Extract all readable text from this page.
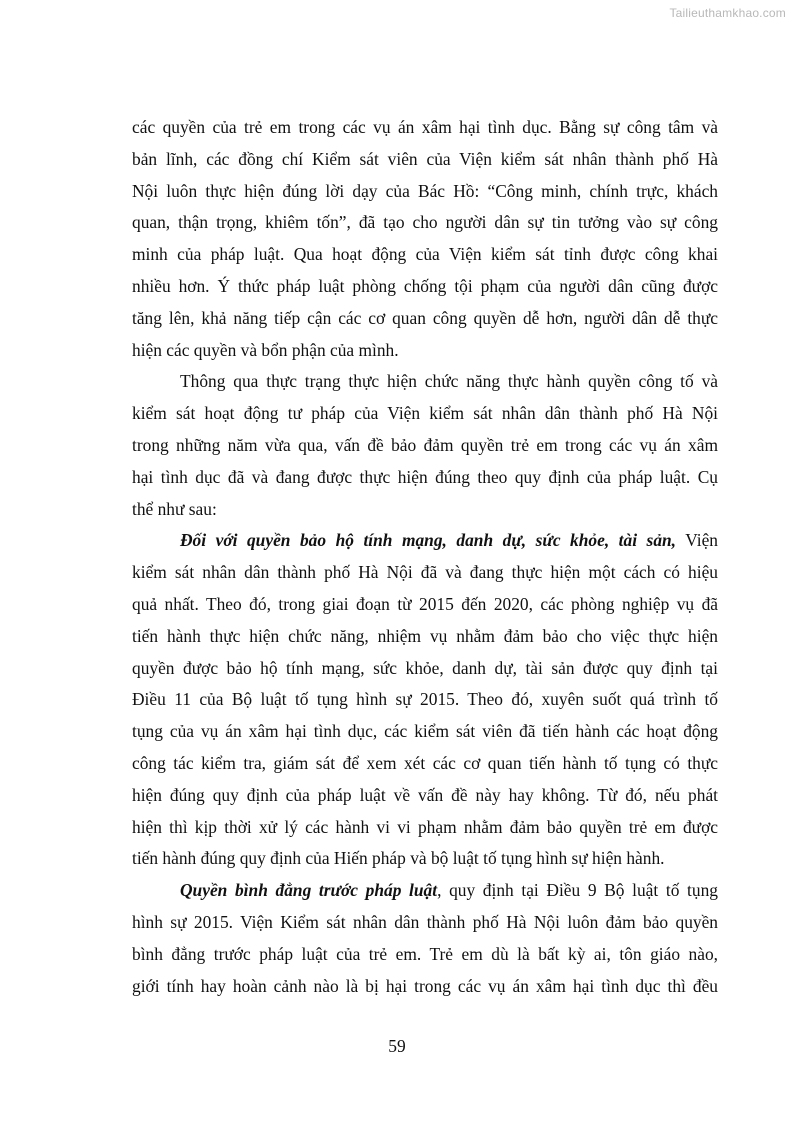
Tailieuthamkhao.com
các quyền của trẻ em trong các vụ án xâm hại tình dục. Bằng sự công tâm và
bản lĩnh, các đồng chí Kiểm sát viên của Viện kiểm sát nhân thành phố Hà
Nội luôn thực hiện đúng lời dạy của Bác Hồ: “Công minh, chính trực, khách
quan, thận trọng, khiêm tốn”, đã tạo cho người dân sự tin tưởng vào sự công
minh của pháp luật. Qua hoạt động của Viện kiểm sát tỉnh được công khai
nhiều hơn. Ý thức pháp luật phòng chống tội phạm của người dân cũng được
tăng lên, khả năng tiếp cận các cơ quan công quyền dễ hơn, người dân dễ thực
hiện các quyền và bổn phận của mình.
Thông qua thực trạng thực hiện chức năng thực hành quyền công tố và
kiểm sát hoạt động tư pháp của Viện kiểm sát nhân dân thành phố Hà Nội
trong những năm vừa qua, vấn đề bảo đảm quyền trẻ em trong các vụ án xâm
hại tình dục đã và đang được thực hiện đúng theo quy định của pháp luật. Cụ
thể như sau:
Đối với quyền bảo hộ tính mạng, danh dự, sức khỏe, tài sản, Viện
kiểm sát nhân dân thành phố Hà Nội đã và đang thực hiện một cách có hiệu
quả nhất. Theo đó, trong giai đoạn từ 2015 đến 2020, các phòng nghiệp vụ đã
tiến hành thực hiện chức năng, nhiệm vụ nhằm đảm bảo cho việc thực hiện
quyền được bảo hộ tính mạng, sức khỏe, danh dự, tài sản được quy định tại
Điều 11 của Bộ luật tố tụng hình sự 2015. Theo đó, xuyên suốt quá trình tố
tụng của vụ án xâm hại tình dục, các kiểm sát viên đã tiến hành các hoạt động
công tác kiểm tra, giám sát để xem xét các cơ quan tiến hành tố tụng có thực
hiện đúng quy định của pháp luật về vấn đề này hay không. Từ đó, nếu phát
hiện thì kịp thời xử lý các hành vi vi phạm nhằm đảm bảo quyền trẻ em được
tiến hành đúng quy định của Hiến pháp và bộ luật tố tụng hình sự hiện hành.
Quyền bình đẳng trước pháp luật, quy định tại Điều 9 Bộ luật tố tụng
hình sự 2015. Viện Kiểm sát nhân dân thành phố Hà Nội luôn đảm bảo quyền
bình đẳng trước pháp luật của trẻ em. Trẻ em dù là bất kỳ ai, tôn giáo nào,
giới tính hay hoàn cảnh nào là bị hại trong các vụ án xâm hại tình dục thì đều
59
